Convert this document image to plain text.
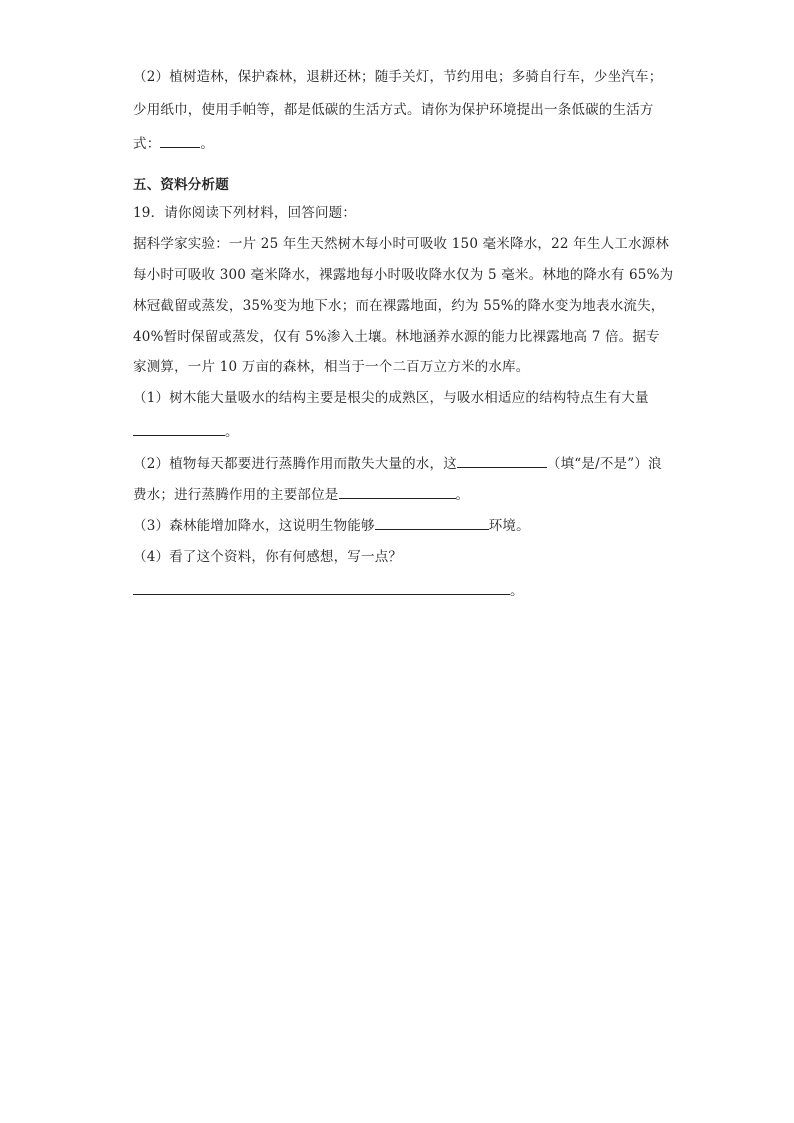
（2）植树造林，保护森林，退耕还林；随手关灯，节约用电；多骑自行车，少坐汽车；
少用纸巾，使用手帕等，都是低碳的生活方式。请你为保护环境提出一条低碳的生活方
式：	。
五、资料分析题
19．请你阅读下列材料，回答问题：
据科学家实验：一片 25 年生天然树木每小时可吸收 150 毫米降水，22 年生人工水源林
每小时可吸收 300 毫米降水，裸露地每小时吸收降水仅为 5 毫米。林地的降水有 65%为
林冠截留或蒸发，35%变为地下水；而在裸露地面，约为 55%的降水变为地表水流失，
40%暂时保留或蒸发，仅有 5%渗入土壤。林地涵养水源的能力比裸露地高 7 倍。据专
家测算，一片 10 万亩的森林，相当于一个二百万立方米的水库。
（1）树木能大量吸水的结构主要是根尖的成熟区，与吸水相适应的结构特点生有大量
。
（2）植物每天都要进行蒸腾作用而散失大量的水，这	（填“是/不是”）浪
费水；进行蒸腾作用的主要部位是	。
（3）森林能增加降水，这说明生物能够	环境。
（4）看了这个资料，你有何感想，写一点？
。
